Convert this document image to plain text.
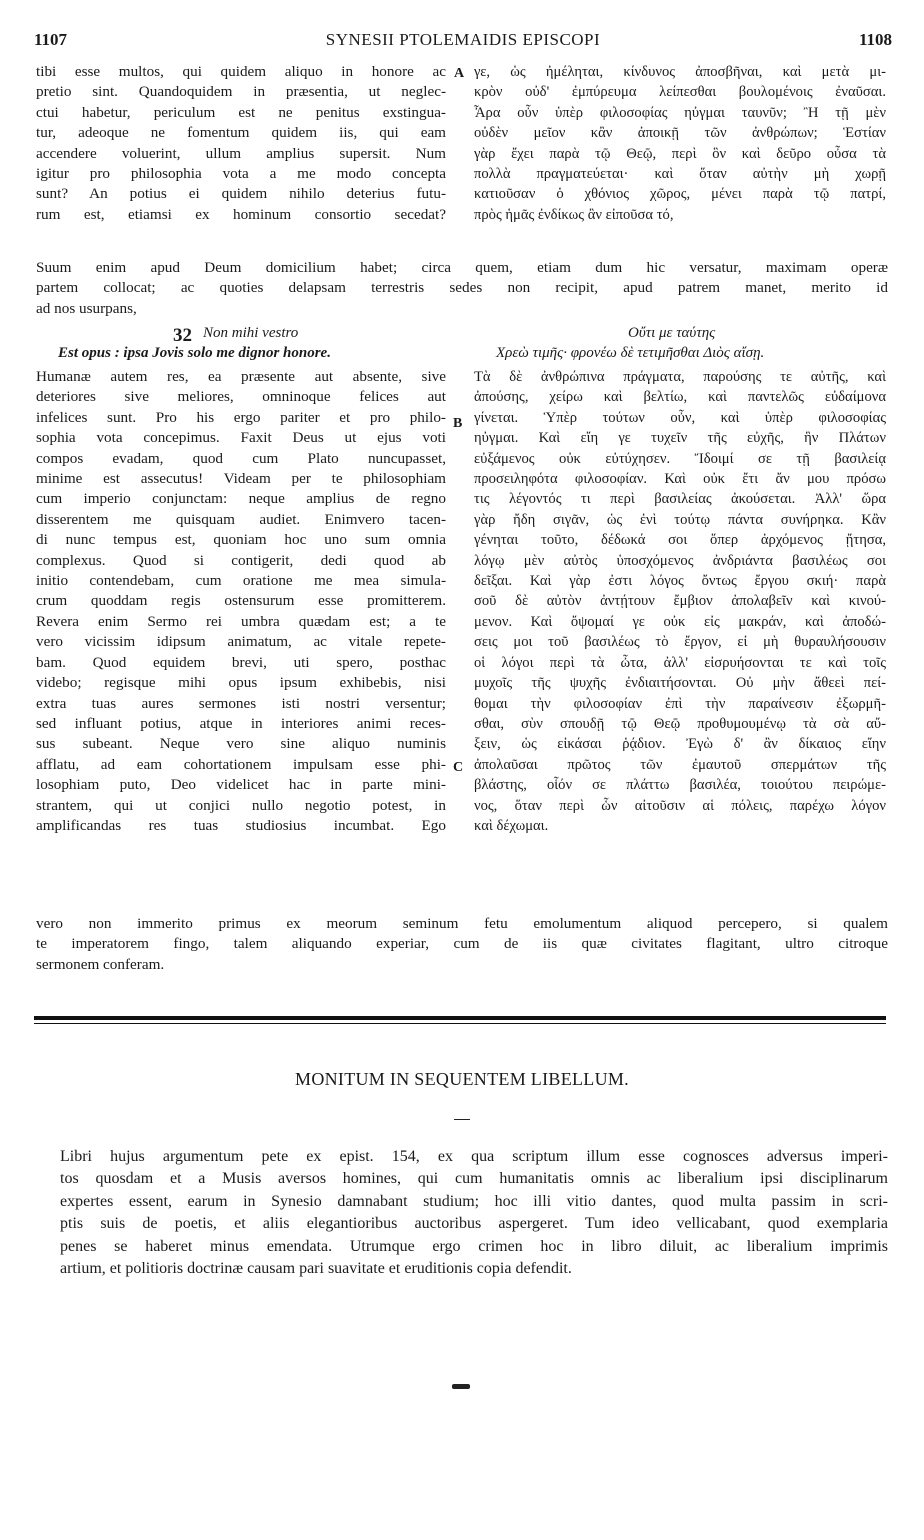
SYNESII PTOLEMAIDIS EPISCOPI
1107	1108
tibi esse multos, qui quidem aliquo in honore ac
pretio sint. Quandoquidem in præsentia, ut neglec-
ctui habetur, periculum est ne penitus exstingua-
tur, adeoque ne fomentum quidem iis, qui eam
accendere voluerint, ullum amplius supersit. Num
igitur pro philosophia vota a me modo concepta
sunt? An potius ei quidem nihilo deterius futu-
rum est, etiamsi ex hominum consortio secedat?
γε, ὡς ἠμέληται, κίνδυνος ἀποσβῆναι, καὶ μετὰ μι-
κρὸν οὐδ' ἐμπύρευμα λείπεσθαι βουλομένοις ἐναῦσαι.
Ἆρα οὖν ὑπὲρ φιλοσοφίας ηὐγμαι ταυνῦν; Ἢ τῇ μὲν
οὐδὲν μεῖον κἂν ἀποικῇ τῶν ἀνθρώπων; Ἑστίαν
γὰρ ἔχει παρὰ τῷ Θεῷ, περὶ ὃν καὶ δεῦρο οὖσα τὰ
πολλὰ πραγματεύεται· καὶ ὅταν αὐτὴν μὴ χωρῇ
κατιοῦσαν ὁ χθόνιος χῶρος, μένει παρὰ τῷ πατρί,
πρὸς ἡμᾶς ἐνδίκως ἂν εἰποῦσα τό,
A
Suum enim apud Deum domicilium habet; circa quem, etiam dum hic versatur, maximam operæ
partem collocat; ac quoties delapsam terrestris sedes non recipit, apud patrem manet, merito id
ad nos usurpans,
32 Non mihi vestro
Est opus : ipsa Jovis solo me dignor honore.
Οὔτι με ταύτης
Χρεὼ τιμῆς· φρονέω δὲ τετιμῆσθαι Διὸς αἴσῃ.
Humanæ autem res, ea præsente aut absente, sive
deteriores sive meliores, omninoque felices aut
infelices sunt. Pro his ergo pariter et pro philo-
sophia vota concepimus. Faxit Deus ut ejus voti
compos evadam, quod cum Plato nuncupasset,
minime est assecutus! Videam per te philosophiam
cum imperio conjunctam: neque amplius de regno
disserentem me quisquam audiet. Enimvero tacen-
di nunc tempus est, quoniam hoc uno sum omnia
complexus. Quod si contigerit, dedi quod ab
initio contendebam, cum oratione me mea simula-
crum quoddam regis ostensurum esse promitterem.
Revera enim Sermo rei umbra quædam est; a te
vero vicissim idipsum animatum, ac vitale repete-
bam. Quod equidem brevi, uti spero, posthac
videbo; regisque mihi opus ipsum exhibebis, nisi
extra tuas aures sermones isti nostri versentur;
sed influant potius, atque in interiores animi reces-
sus subeant. Neque vero sine aliquo numinis
afflatu, ad eam cohortationem impulsam esse phi-
losophiam puto, Deo videlicet hac in parte mini-
strantem, qui ut conjici nullo negotio potest, in
amplificandas res tuas studiosius incumbat. Ego
Τὰ δὲ ἀνθρώπινα πράγματα, παρούσης τε αὐτῆς, καὶ
ἀπούσης, χείρω καὶ βελτίω, καὶ παντελῶς εὐδαίμονα
γίνεται. Ὑπὲρ τούτων οὖν, καὶ ὑπὲρ φιλοσοφίας
ηὐγμαι. Καὶ εἴη γε τυχεῖν τῆς εὐχῆς, ἣν Πλάτων
εὐξάμενος οὐκ εὐτύχησεν. Ἴδοιμί σε τῇ βασιλείᾳ
προσειληφότα φιλοσοφίαν. Καὶ οὐκ ἔτι ἄν μου πρόσω
τις λέγοντός τι περὶ βασιλείας ἀκούσεται. Ἀλλ' ὥρα
γὰρ ἤδη σιγᾶν, ὡς ἐνὶ τούτῳ πάντα συνήρηκα. Κἂν
γένηται τοῦτο, δέδωκά σοι ὅπερ ἀρχόμενος ᾔτησα,
λόγῳ μὲν αὐτὸς ὑποσχόμενος ἀνδριάντα βασιλέως σοι
δεῖξαι. Καὶ γὰρ ἐστι λόγος ὄντως ἔργου σκιή· παρὰ
σοῦ δὲ αὐτὸν ἀντῄτουν ἔμβιον ἀπολαβεῖν καὶ κινού-
μενον. Καὶ ὄψομαί γε οὐκ εἰς μακράν, καὶ ἀποδώ-
σεις μοι τοῦ βασιλέως τὸ ἔργον, εἰ μὴ θυραυλήσουσιν
οἱ λόγοι περὶ τὰ ὦτα, ἀλλ' εἰσρυήσονται τε καὶ τοῖς
μυχοῖς τῆς ψυχῆς ἐνδιαιτήσονται. Οὐ μὴν ἄθεεὶ πεί-
θομαι τὴν φιλοσοφίαν ἐπὶ τὴν παραίνεσιν ἐξωρμῆ-
σθαι, σὺν σπουδῇ τῷ Θεῷ προθυμουμένῳ τὰ σὰ αὔ-
ξειν, ὡς εἰκάσαι ῥᾴδιον. Ἐγὼ δ' ἂν δίκαιος εἴην
ἀπολαῦσαι πρῶτος τῶν ἐμαυτοῦ σπερμάτων τῆς
βλάστης, οἷόν σε πλάττω βασιλέα, τοιούτου πειρώμε-
νος, ὅταν περὶ ὧν αἰτοῦσιν αἱ πόλεις, παρέχω λόγον
καὶ δέχωμαι.
B
C
vero non immerito primus ex meorum seminum fetu emolumentum aliquod percepero, si qualem
te imperatorem fingo, talem aliquando experiar, cum de iis quæ civitates flagitant, ultro citroque
sermonem conferam.
MONITUM IN SEQUENTEM LIBELLUM.
Libri hujus argumentum pete ex epist. 154, ex qua scriptum illum esse cognosces adversus imperi-
tos quosdam et a Musis aversos homines, qui cum humanitatis omnis ac liberalium ipsi disciplinarum
expertes essent, earum in Synesio damnabant studium; hoc illi vitio dantes, quod multa passim in scri-
ptis suis de poetis, et aliis elegantioribus auctoribus aspergeret. Tum ideo vellicabant, quod exemplaria
penes se haberet minus emendata. Utrumque ergo crimen hoc in libro diluit, ac liberalium imprimis
artium, et politioris doctrinæ causam pari suavitate et eruditionis copia defendit.
